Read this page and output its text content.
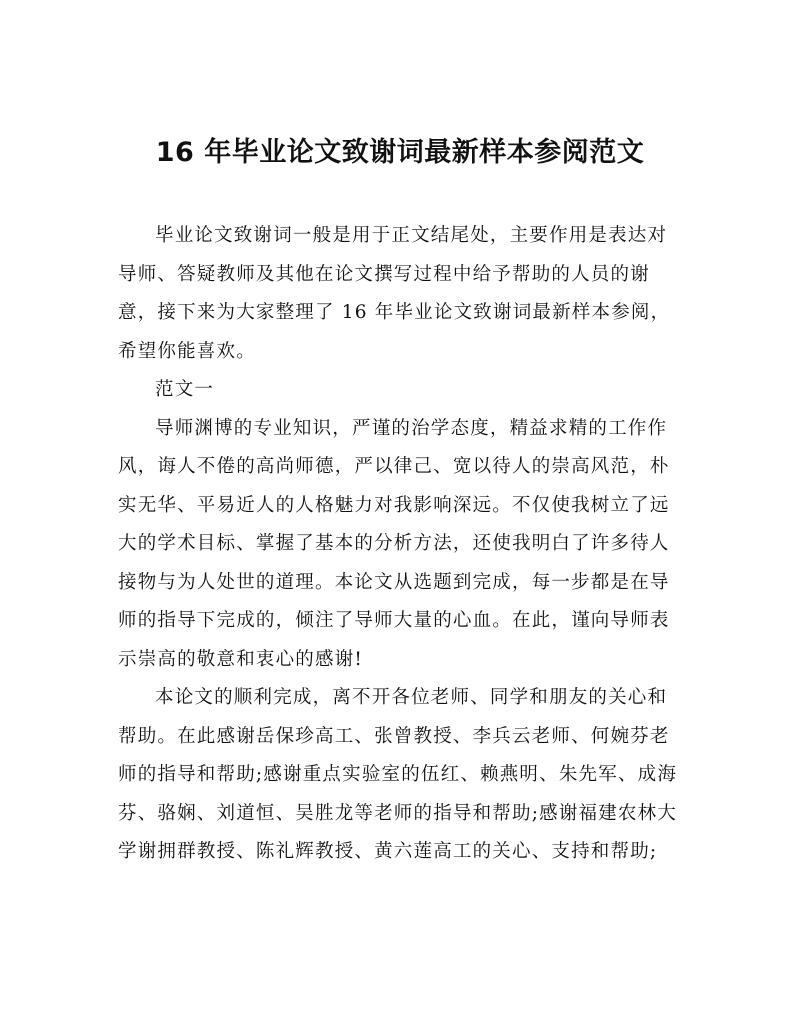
16 年毕业论文致谢词最新样本参阅范文

毕业论文致谢词一般是用于正文结尾处，主要作用是表达对导师、答疑教师及其他在论文撰写过程中给予帮助的人员的谢意，接下来为大家整理了 16 年毕业论文致谢词最新样本参阅，希望你能喜欢。

范文一

导师渊博的专业知识，严谨的治学态度，精益求精的工作作风，诲人不倦的高尚师德，严以律己、宽以待人的崇高风范，朴实无华、平易近人的人格魅力对我影响深远。不仅使我树立了远大的学术目标、掌握了基本的分析方法，还使我明白了许多待人接物与为人处世的道理。本论文从选题到完成，每一步都是在导师的指导下完成的，倾注了导师大量的心血。在此，谨向导师表示崇高的敬意和衷心的感谢!

本论文的顺利完成，离不开各位老师、同学和朋友的关心和帮助。在此感谢岳保珍高工、张曾教授、李兵云老师、何婉芬老师的指导和帮助;感谢重点实验室的伍红、赖燕明、朱先军、成海芬、骆娴、刘道恒、吴胜龙等老师的指导和帮助;感谢福建农林大学谢拥群教授、陈礼辉教授、黄六莲高工的关心、支持和帮助;
